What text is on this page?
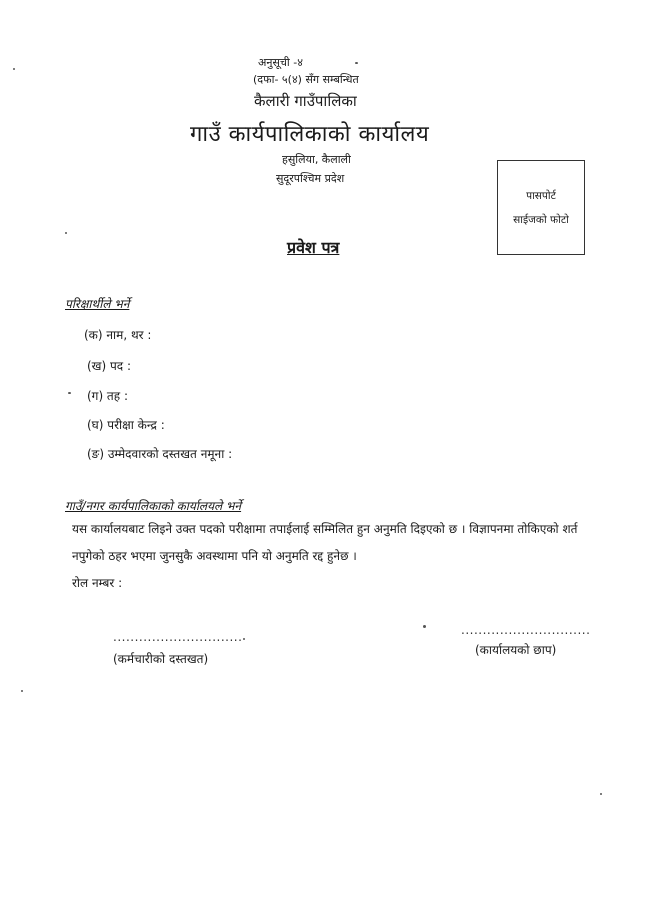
अनुसूची -४
(दफा- ५(४) सँग सम्बन्धित
कैलारी गाउँपालिका
गाउँ कार्यपालिकाको कार्यालय
हसुलिया, कैलाली
सुदूरपश्चिम प्रदेश
पासपोर्ट
साईजको फोटो
प्रवेश पत्र
परिक्षार्थीले भर्ने
(क) नाम, थर :
(ख) पद :
(ग) तह :
(घ) परीक्षा केन्द्र :
(ङ) उम्मेदवारको दस्तखत नमूना :
गाउँ/नगर कार्यपालिकाको कार्यालयले भर्ने
यस कार्यालयबाट लिइने उक्त पदको परीक्षामा तपाईलाई सम्मिलित हुन अनुमति दिइएको छ । विज्ञापनमा तोकिएको शर्त नपुगेको ठहर भएमा जुनसुकै अवस्थामा पनि यो अनुमति रद्द हुनेछ ।
रोल नम्बर :
..............................
(कर्मचारीको दस्तखत)
..............................
(कार्यालयको छाप)
